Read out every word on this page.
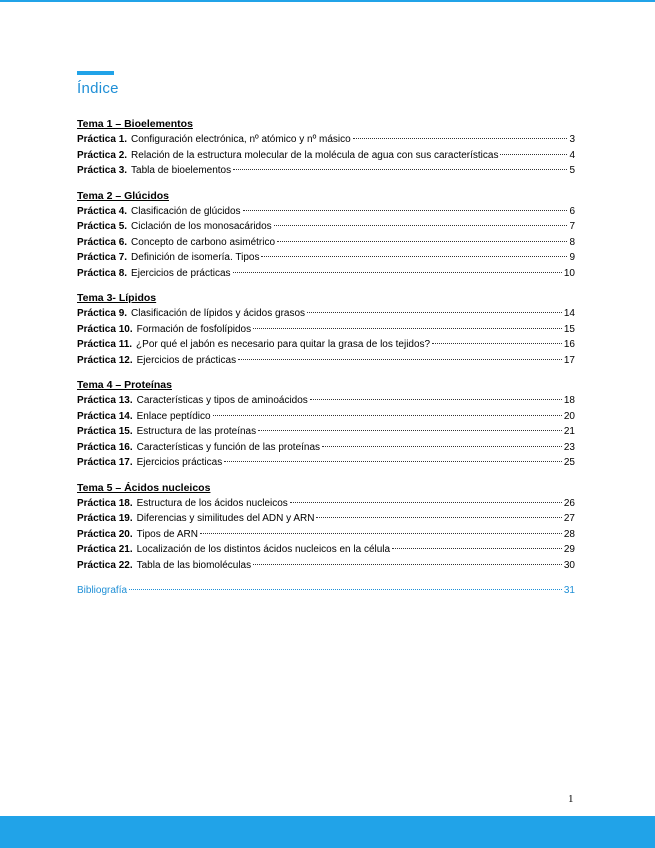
Índice
Tema 1 – Bioelementos
Práctica 1. Configuración electrónica, nº atómico y nº másico	3
Práctica 2. Relación de la estructura molecular de la molécula de agua con sus características	4
Práctica 3. Tabla de bioelementos	5
Tema 2 – Glúcidos
Práctica 4. Clasificación de glúcidos	6
Práctica 5. Ciclación de los monosacáridos	7
Práctica 6. Concepto de carbono asimétrico	8
Práctica 7. Definición de isomería. Tipos	9
Práctica 8. Ejercicios de prácticas	10
Tema 3- Lípidos
Práctica 9. Clasificación de lípidos y ácidos grasos	14
Práctica 10. Formación de fosfolípidos	15
Práctica 11. ¿Por qué el jabón es necesario para quitar la grasa de los tejidos?	16
Práctica 12. Ejercicios de prácticas	17
Tema 4 – Proteínas
Práctica 13. Características y tipos de aminoácidos	18
Práctica 14. Enlace peptídico	20
Práctica 15. Estructura de las proteínas	21
Práctica 16. Características y función de las proteínas	23
Práctica 17. Ejercicios prácticas	25
Tema 5 – Ácidos nucleicos
Práctica 18. Estructura de los ácidos nucleicos	26
Práctica 19. Diferencias y similitudes del ADN y ARN	27
Práctica 20. Tipos de ARN	28
Práctica 21. Localización de los distintos ácidos nucleicos en la célula	29
Práctica 22. Tabla de las biomoléculas	30
Bibliografía	31
1
